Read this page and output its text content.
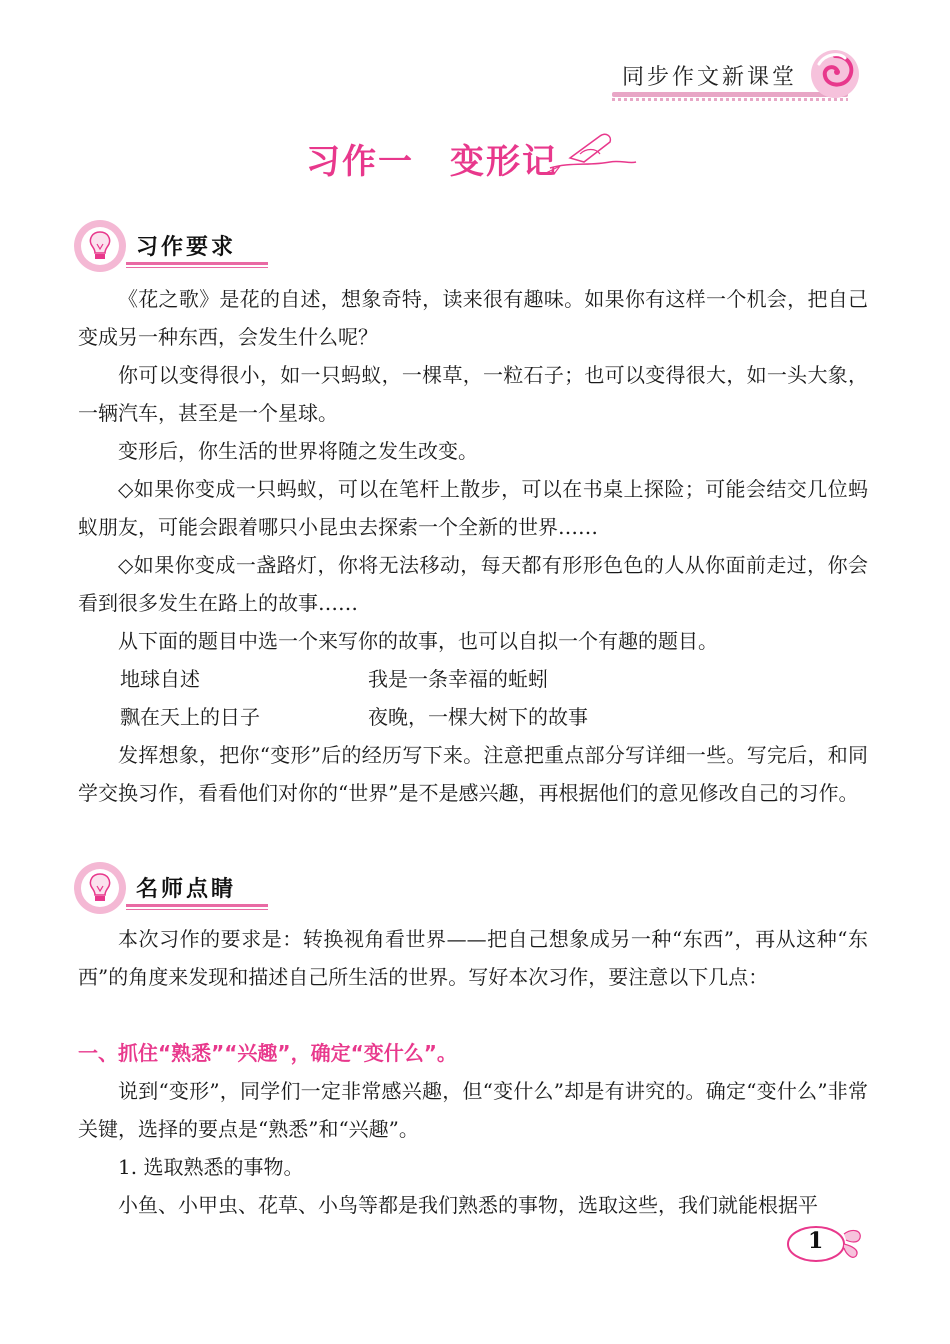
同步作文新课堂
习作一　变形记
习作要求

《花之歌》是花的自述，想象奇特，读来很有趣味。如果你有这样一个机会，把自己变成另一种东西，会发生什么呢？

你可以变得很小，如一只蚂蚁，一棵草，一粒石子；也可以变得很大，如一头大象，一辆汽车，甚至是一个星球。

变形后，你生活的世界将随之发生改变。

◇如果你变成一只蚂蚁，可以在笔杆上散步，可以在书桌上探险；可能会结交几位蚂蚁朋友，可能会跟着哪只小昆虫去探索一个全新的世界……

◇如果你变成一盏路灯，你将无法移动，每天都有形形色色的人从你面前走过，你会看到很多发生在路上的故事……

从下面的题目中选一个来写你的故事，也可以自拟一个有趣的题目。

地球自述	我是一条幸福的蚯蚓
飘在天上的日子	夜晚，一棵大树下的故事

发挥想象，把你“变形”后的经历写下来。注意把重点部分写详细一些。写完后，和同学交换习作，看看他们对你的“世界”是不是感兴趣，再根据他们的意见修改自己的习作。

名师点睛

本次习作的要求是：转换视角看世界——把自己想象成另一种“东西”，再从这种“东西”的角度来发现和描述自己所生活的世界。写好本次习作，要注意以下几点：

一、抓住“熟悉”“兴趣”，确定“变什么”。

说到“变形”，同学们一定非常感兴趣，但“变什么”却是有讲究的。确定“变什么”非常关键，选择的要点是“熟悉”和“兴趣”。

1. 选取熟悉的事物。

小鱼、小甲虫、花草、小鸟等都是我们熟悉的事物，选取这些，我们就能根据平

1
